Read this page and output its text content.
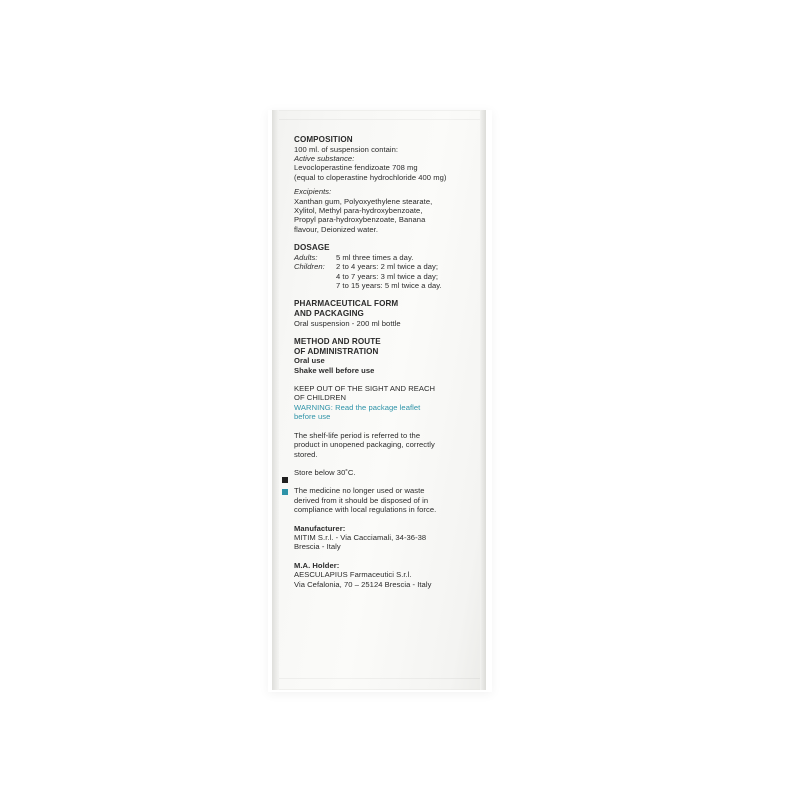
COMPOSITION
100 ml. of suspension contain:
Active substance:
Levocloperastine fendizoate 708 mg
(equal to cloperastine hydrochloride 400 mg)
Excipients:
Xanthan gum, Polyoxyethylene stearate,
Xylitol, Methyl para-hydroxybenzoate,
Propyl para-hydroxybenzoate, Banana
flavour, Deionized water.
DOSAGE
Adults:	5 ml three times a day.
Children:	2 to 4 years: 2 ml twice a day;
4 to 7 years: 3 ml twice a day;
7 to 15 years: 5 ml twice a day.
PHARMACEUTICAL FORM
AND PACKAGING
Oral suspension - 200 ml bottle
METHOD AND ROUTE
OF ADMINISTRATION
Oral use
Shake well before use
KEEP OUT OF THE SIGHT AND REACH
OF CHILDREN
WARNING: Read the package leaflet
before use
The shelf-life period is referred to the
product in unopened packaging, correctly
stored.
Store below 30˚C.
The medicine no longer used or waste
derived from it should be disposed of in
compliance with local regulations in force.
Manufacturer:
MITIM S.r.l. - Via Cacciamali, 34-36-38
Brescia - Italy
M.A. Holder:
AESCULAPIUS Farmaceutici S.r.l.
Via Cefalonia, 70 – 25124 Brescia - Italy
